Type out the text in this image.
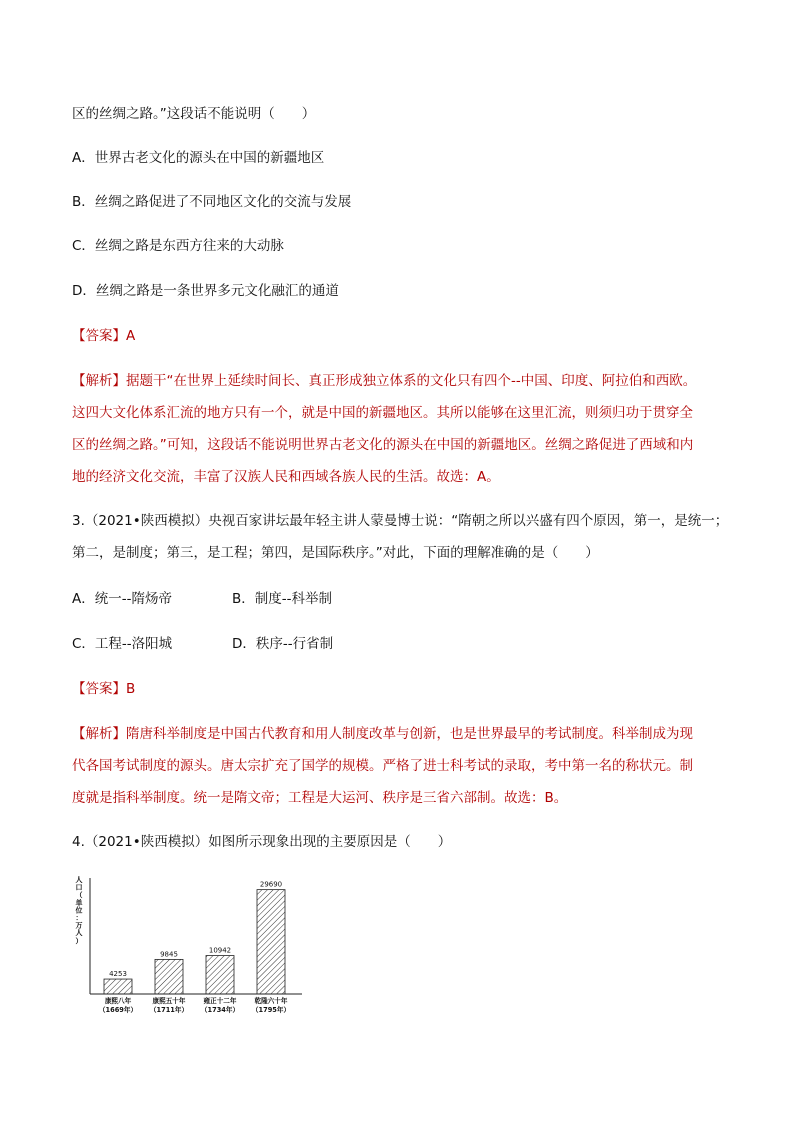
区的丝绸之路。”这段话不能说明（　　）
A．世界古老文化的源头在中国的新疆地区
B．丝绸之路促进了不同地区文化的交流与发展
C．丝绸之路是东西方往来的大动脉
D．丝绸之路是一条世界多元文化融汇的通道
【答案】A
【解析】据题干“在世界上延续时间长、真正形成独立体系的文化只有四个--中国、印度、阿拉伯和西欧。
这四大文化体系汇流的地方只有一个，就是中国的新疆地区。其所以能够在这里汇流，则须归功于贯穿全
区的丝绸之路。”可知，这段话不能说明世界古老文化的源头在中国的新疆地区。丝绸之路促进了西域和内
地的经济文化交流，丰富了汉族人民和西域各族人民的生活。故选：A。
3.（2021•陕西模拟）央视百家讲坛最年轻主讲人蒙曼博士说：“隋朝之所以兴盛有四个原因，第一，是统一；
第二，是制度；第三，是工程；第四，是国际秩序。”对此，下面的理解准确的是（　　）
A．统一--隋炀帝	B．制度--科举制
C．工程--洛阳城	D．秩序--行省制
【答案】B
【解析】隋唐科举制度是中国古代教育和用人制度改革与创新，也是世界最早的考试制度。科举制成为现
代各国考试制度的源头。唐太宗扩充了国学的规模。严格了进士科考试的录取，考中第一名的称状元。制
度就是指科举制度。统一是隋文帝；工程是大运河、秩序是三省六部制。故选：B。
4.（2021•陕西模拟）如图所示现象出现的主要原因是（　　）
人口（单位：万人）
4253
康熙八年
（1669年）
9845
康熙五十年
（1711年）
10942
雍正十二年
（1734年）
29690
乾隆六十年
（1795年）
